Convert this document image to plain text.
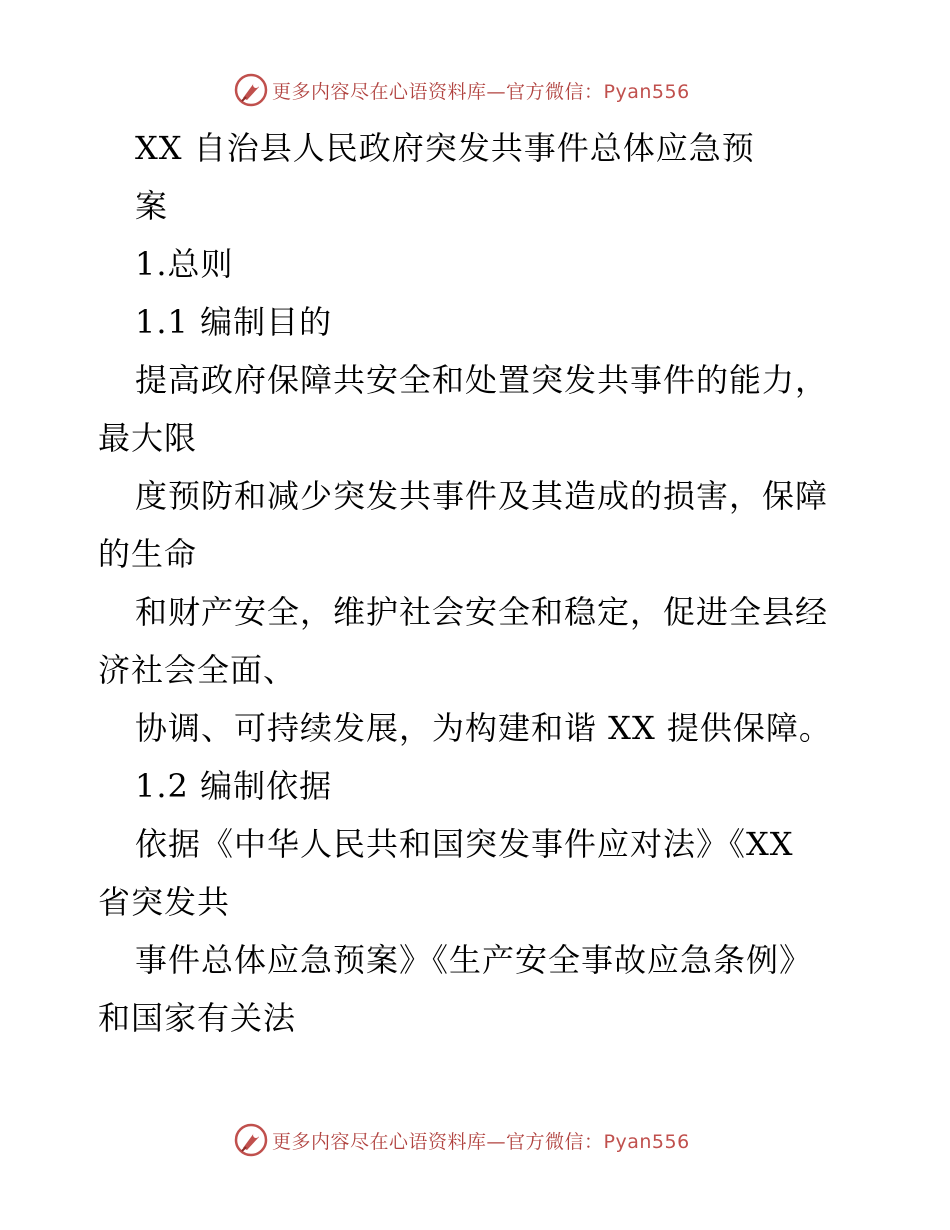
更多内容尽在心语资料库—官方微信：Pyan556
XX 自治县人民政府突发共事件总体应急预
案
1.总则
1.1 编制目的
提高政府保障共安全和处置突发共事件的能力，
最大限
度预防和减少突发共事件及其造成的损害，保障
的生命
和财产安全，维护社会安全和稳定，促进全县经
济社会全面、
协调、可持续发展，为构建和谐 XX 提供保障。
1.2 编制依据
依据《中华人民共和国突发事件应对法》《XX
省突发共
事件总体应急预案》《生产安全事故应急条例》
和国家有关法
更多内容尽在心语资料库—官方微信：Pyan556
